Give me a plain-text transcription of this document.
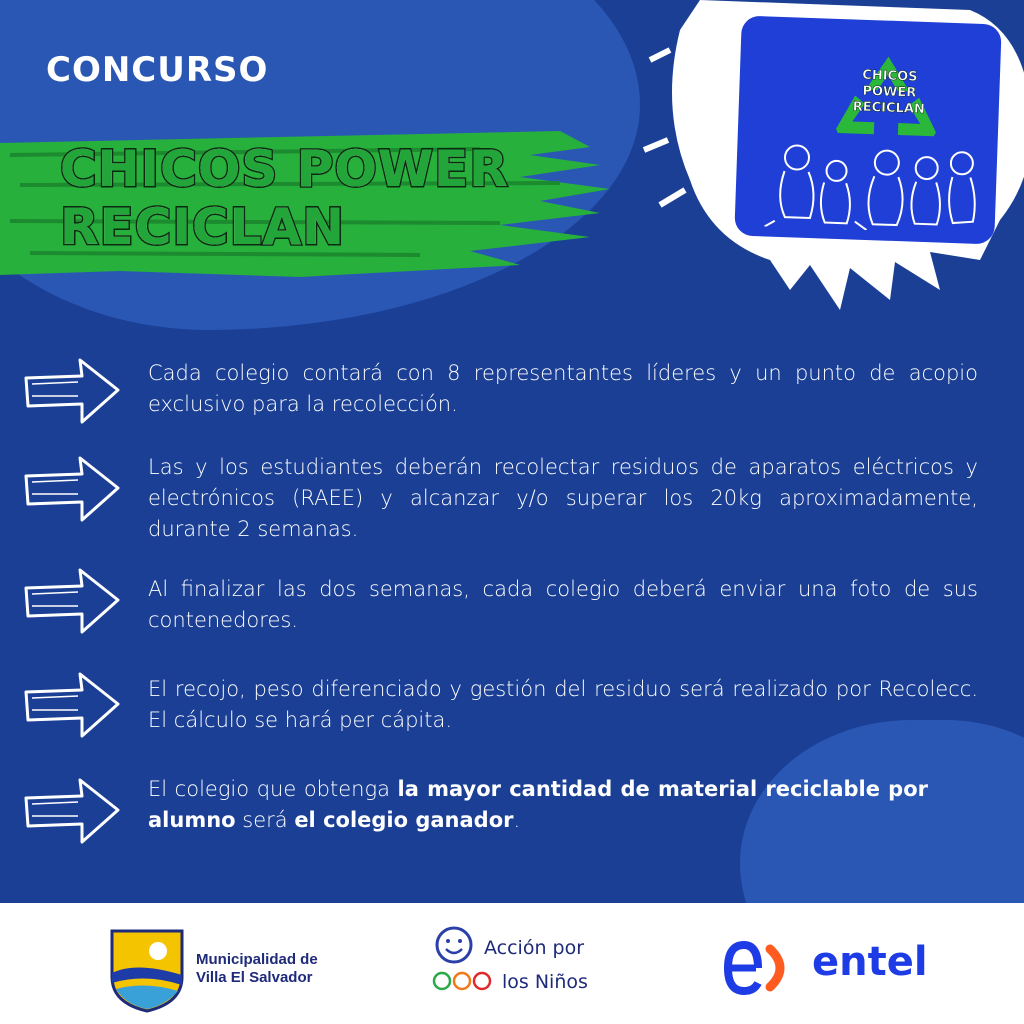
CONCURSO
CHICOS POWER
RECICLAN
CHICOS
POWER
RECICLAN
Cada colegio contará con 8 representantes líderes y un punto de acopio exclusivo para la recolección.
Las y los estudiantes deberán recolectar residuos de aparatos eléctricos y electrónicos (RAEE) y alcanzar y/o superar los 20kg aproximadamente, durante 2 semanas.
Al finalizar las dos semanas, cada colegio deberá enviar una foto de sus contenedores.
El recojo, peso diferenciado y gestión del residuo será realizado por Recolecc. El cálculo se hará per cápita.
El colegio que obtenga la mayor cantidad de material reciclable por alumno será el colegio ganador.
Municipalidad de
Villa El Salvador
Acción por
los Niños	entel
